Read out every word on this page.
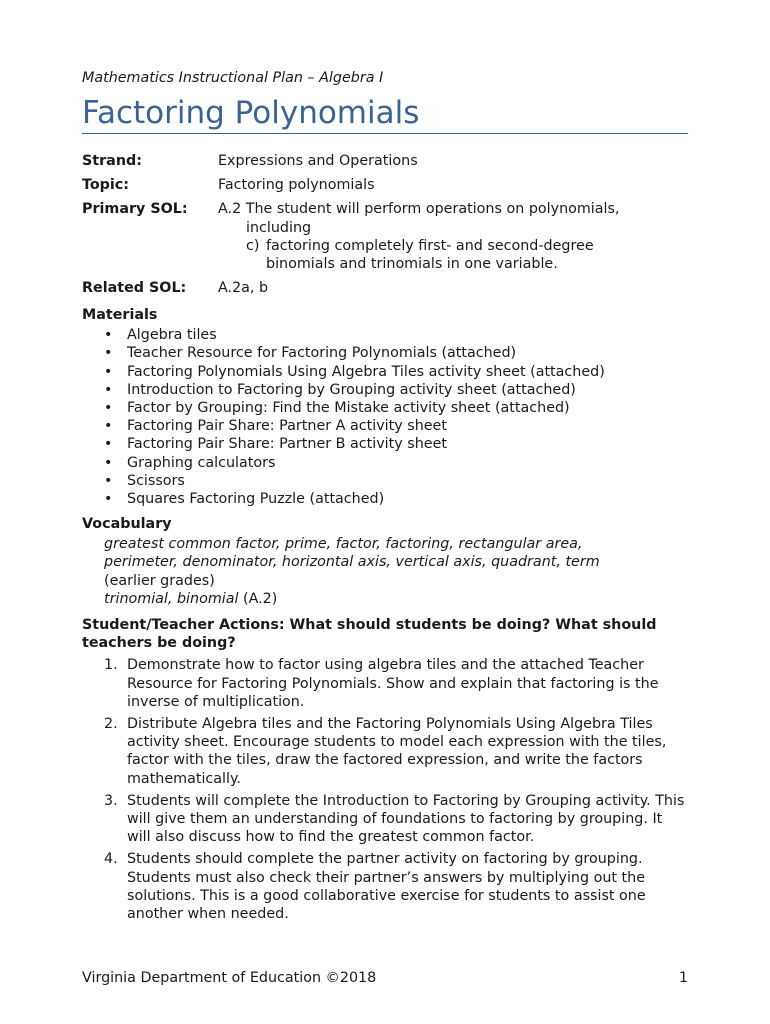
Mathematics Instructional Plan – Algebra I
Factoring Polynomials
Strand:	Expressions and Operations
Topic:	Factoring polynomials
Primary SOL: A.2 The student will perform operations on polynomials,
including
c) factoring completely first- and second-degree
binomials and trinomials in one variable.
Related SOL: A.2a, b
Materials
• Algebra tiles
• Teacher Resource for Factoring Polynomials (attached)
• Factoring Polynomials Using Algebra Tiles activity sheet (attached)
• Introduction to Factoring by Grouping activity sheet (attached)
• Factor by Grouping: Find the Mistake activity sheet (attached)
• Factoring Pair Share: Partner A activity sheet
• Factoring Pair Share: Partner B activity sheet
• Graphing calculators
• Scissors
• Squares Factoring Puzzle (attached)
Vocabulary
greatest common factor, prime, factor, factoring, rectangular area,
perimeter, denominator, horizontal axis, vertical axis, quadrant, term
(earlier grades)
trinomial, binomial (A.2)
Student/Teacher Actions: What should students be doing? What should teachers be doing?
1. Demonstrate how to factor using algebra tiles and the attached Teacher Resource for Factoring Polynomials. Show and explain that factoring is the inverse of multiplication.
2. Distribute Algebra tiles and the Factoring Polynomials Using Algebra Tiles activity sheet. Encourage students to model each expression with the tiles, factor with the tiles, draw the factored expression, and write the factors mathematically.
3. Students will complete the Introduction to Factoring by Grouping activity. This will give them an understanding of foundations to factoring by grouping. It will also discuss how to find the greatest common factor.
4. Students should complete the partner activity on factoring by grouping. Students must also check their partner’s answers by multiplying out the solutions. This is a good collaborative exercise for students to assist one another when needed.
Virginia Department of Education ©2018	1
